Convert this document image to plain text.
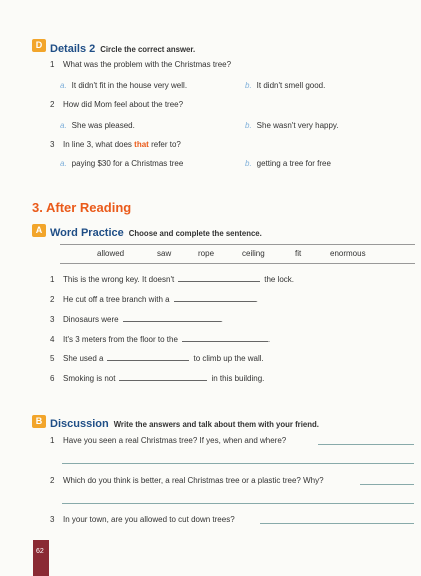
D Details 2 Circle the correct answer.
1 What was the problem with the Christmas tree?
a. It didn't fit in the house very well.	b. It didn't smell good.
2 How did Mom feel about the tree?
a. She was pleased.	b. She wasn't very happy.
3 In line 3, what does that refer to?
a. paying $30 for a Christmas tree	b. getting a tree for free
3. After Reading
A Word Practice Choose and complete the sentence.
allowed	saw	rope	ceiling	fit	enormous
1 This is the wrong key. It doesn't	the lock.
2 He cut off a tree branch with a	.
3 Dinosaurs were	.
4 It's 3 meters from the floor to the	.
5 She used a	to climb up the wall.
6 Smoking is not	in this building.
B Discussion Write the answers and talk about them with your friend.
1 Have you seen a real Christmas tree? If yes, when and where?
2 Which do you think is better, a real Christmas tree or a plastic tree? Why?
3 In your town, are you allowed to cut down trees?
62
